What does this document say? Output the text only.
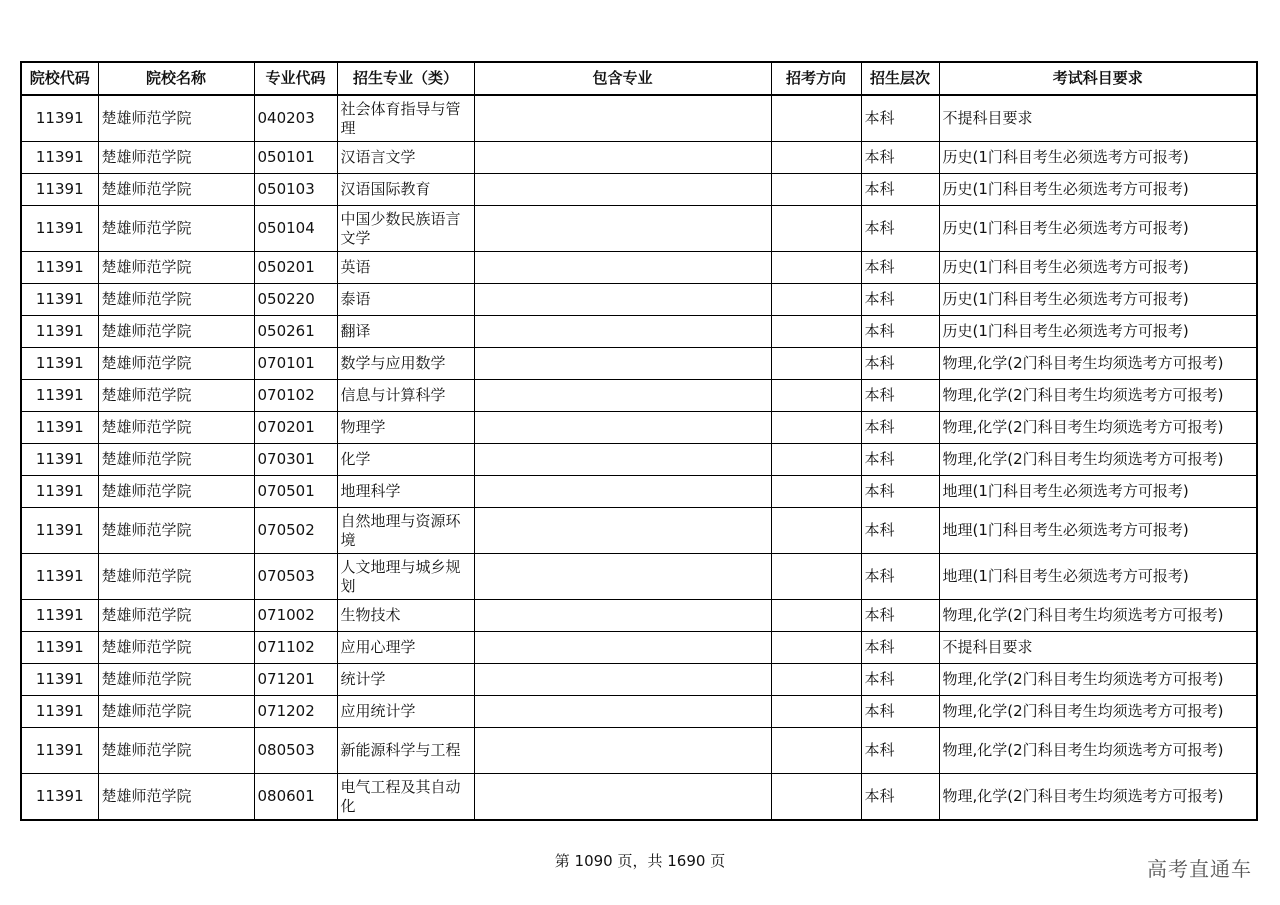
院校代码	院校名称	专业代码	招生专业（类）	包含专业	招考方向	招生层次	考试科目要求
11391	楚雄师范学院	040203	社会体育指导与管理			本科	不提科目要求
11391	楚雄师范学院	050101	汉语言文学			本科	历史(1门科目考生必须选考方可报考)
11391	楚雄师范学院	050103	汉语国际教育			本科	历史(1门科目考生必须选考方可报考)
11391	楚雄师范学院	050104	中国少数民族语言文学			本科	历史(1门科目考生必须选考方可报考)
11391	楚雄师范学院	050201	英语			本科	历史(1门科目考生必须选考方可报考)
11391	楚雄师范学院	050220	泰语			本科	历史(1门科目考生必须选考方可报考)
11391	楚雄师范学院	050261	翻译			本科	历史(1门科目考生必须选考方可报考)
11391	楚雄师范学院	070101	数学与应用数学			本科	物理,化学(2门科目考生均须选考方可报考)
11391	楚雄师范学院	070102	信息与计算科学			本科	物理,化学(2门科目考生均须选考方可报考)
11391	楚雄师范学院	070201	物理学			本科	物理,化学(2门科目考生均须选考方可报考)
11391	楚雄师范学院	070301	化学			本科	物理,化学(2门科目考生均须选考方可报考)
11391	楚雄师范学院	070501	地理科学			本科	地理(1门科目考生必须选考方可报考)
11391	楚雄师范学院	070502	自然地理与资源环境			本科	地理(1门科目考生必须选考方可报考)
11391	楚雄师范学院	070503	人文地理与城乡规划			本科	地理(1门科目考生必须选考方可报考)
11391	楚雄师范学院	071002	生物技术			本科	物理,化学(2门科目考生均须选考方可报考)
11391	楚雄师范学院	071102	应用心理学			本科	不提科目要求
11391	楚雄师范学院	071201	统计学			本科	物理,化学(2门科目考生均须选考方可报考)
11391	楚雄师范学院	071202	应用统计学			本科	物理,化学(2门科目考生均须选考方可报考)
11391	楚雄师范学院	080503	新能源科学与工程			本科	物理,化学(2门科目考生均须选考方可报考)
11391	楚雄师范学院	080601	电气工程及其自动化			本科	物理,化学(2门科目考生均须选考方可报考)
第 1090 页，共 1690 页	高考直通车
